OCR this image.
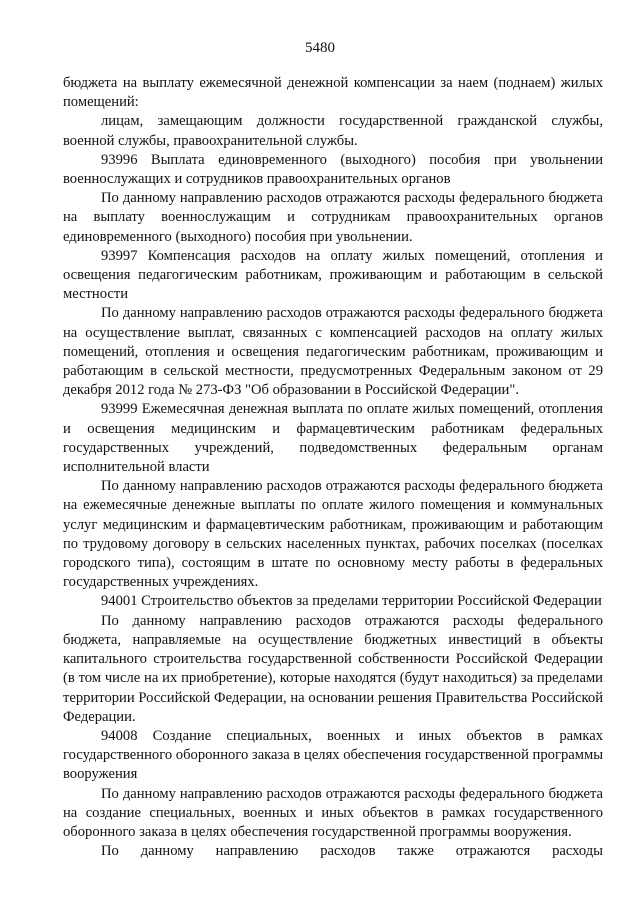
5480

бюджета на выплату ежемесячной денежной компенсации за наем (поднаем) жилых помещений:

лицам, замещающим должности государственной гражданской службы, военной службы, правоохранительной службы.

93996 Выплата единовременного (выходного) пособия при увольнении военнослужащих и сотрудников правоохранительных органов

По данному направлению расходов отражаются расходы федерального бюджета на выплату военнослужащим и сотрудникам правоохранительных органов единовременного (выходного) пособия при увольнении.

93997 Компенсация расходов на оплату жилых помещений, отопления и освещения педагогическим работникам, проживающим и работающим в сельской местности

По данному направлению расходов отражаются расходы федерального бюджета на осуществление выплат, связанных с компенсацией расходов на оплату жилых помещений, отопления и освещения педагогическим работникам, проживающим и работающим в сельской местности, предусмотренных Федеральным законом от 29 декабря 2012 года № 273-ФЗ "Об образовании в Российской Федерации".

93999 Ежемесячная денежная выплата по оплате жилых помещений, отопления и освещения медицинским и фармацевтическим работникам федеральных государственных учреждений, подведомственных федеральным органам исполнительной власти

По данному направлению расходов отражаются расходы федерального бюджета на ежемесячные денежные выплаты по оплате жилого помещения и коммунальных услуг медицинским и фармацевтическим работникам, проживающим и работающим по трудовому договору в сельских населенных пунктах, рабочих поселках (поселках городского типа), состоящим в штате по основному месту работы в федеральных государственных учреждениях.

94001 Строительство объектов за пределами территории Российской Федерации

По данному направлению расходов отражаются расходы федерального бюджета, направляемые на осуществление бюджетных инвестиций в объекты капитального строительства государственной собственности Российской Федерации (в том числе на их приобретение), которые находятся (будут находиться) за пределами территории Российской Федерации, на основании решения Правительства Российской Федерации.

94008 Создание специальных, военных и иных объектов в рамках государственного оборонного заказа в целях обеспечения государственной программы вооружения

По данному направлению расходов отражаются расходы федерального бюджета на создание специальных, военных и иных объектов в рамках государственного оборонного заказа в целях обеспечения государственной программы вооружения.

По данному направлению расходов также отражаются расходы
